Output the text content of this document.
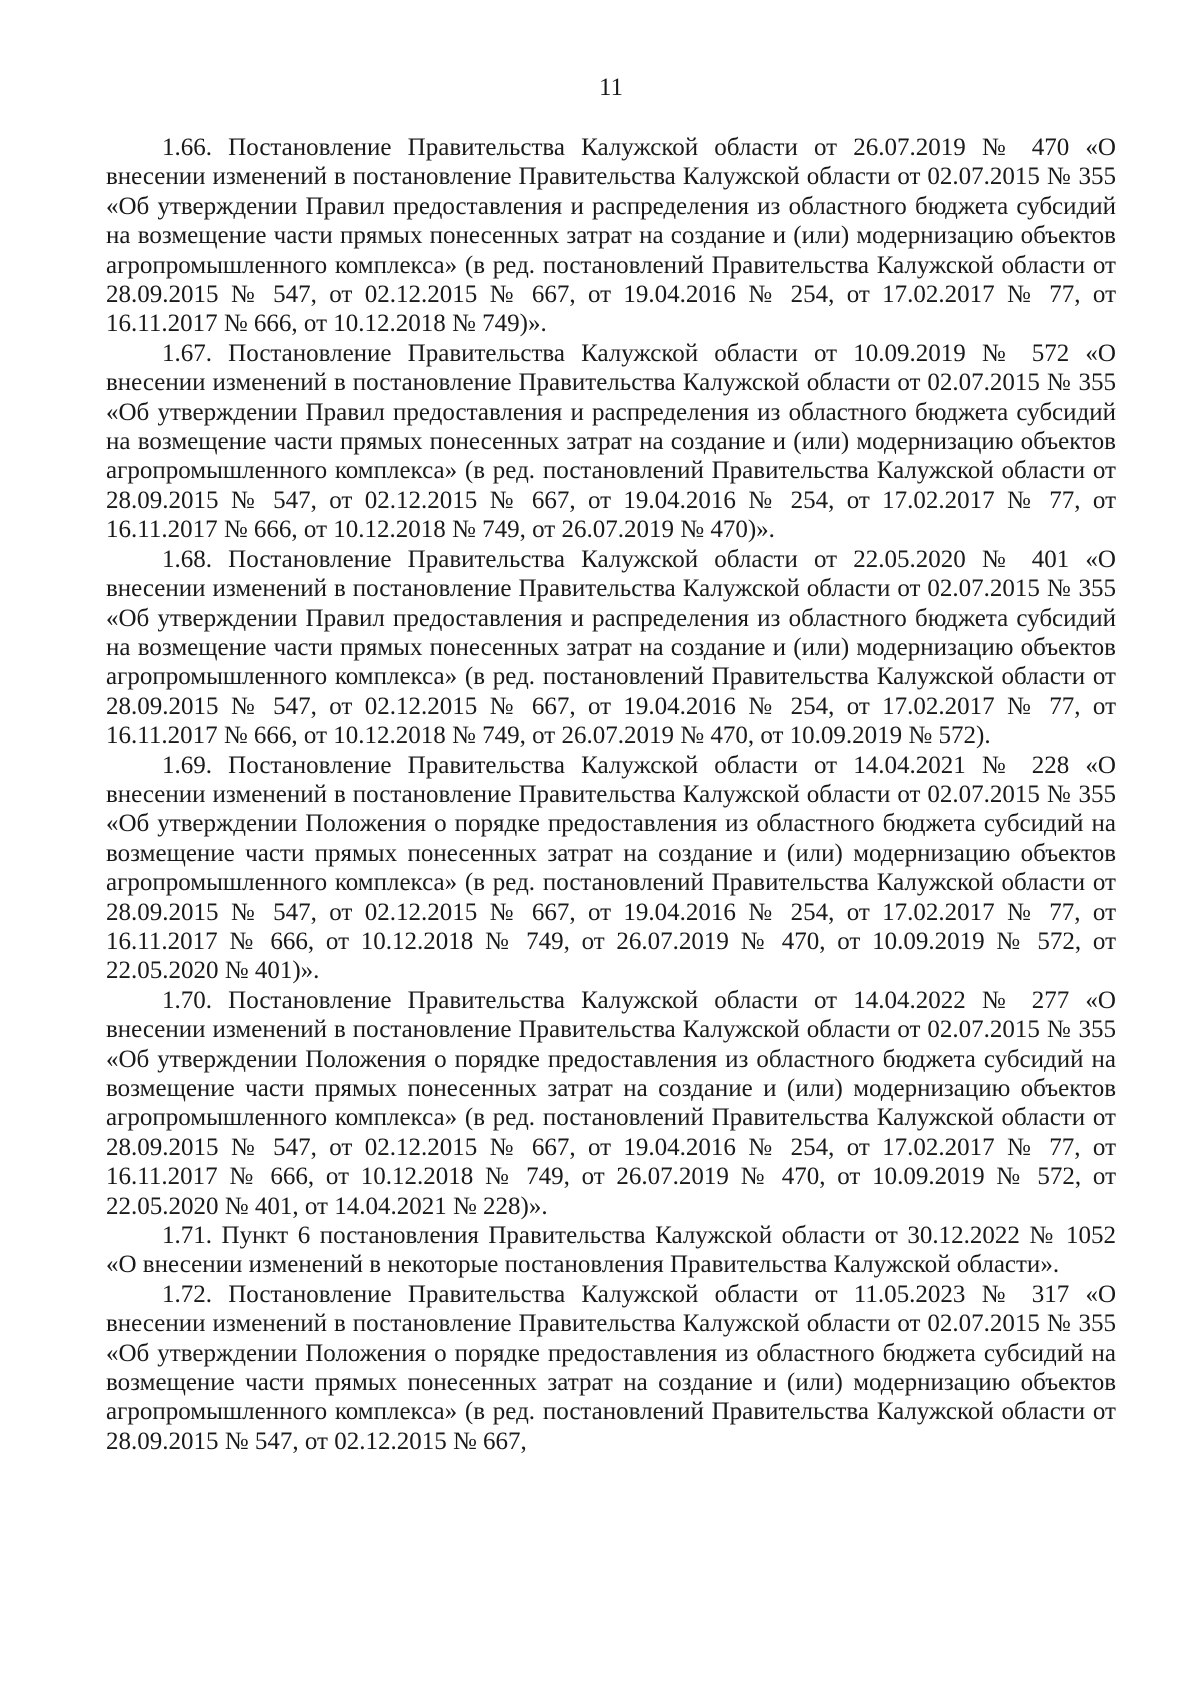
11

1.66. Постановление Правительства Калужской области от 26.07.2019 № 470 «О внесении изменений в постановление Правительства Калужской области от 02.07.2015 № 355 «Об утверждении Правил предоставления и распределения из областного бюджета субсидий на возмещение части прямых понесенных затрат на создание и (или) модернизацию объектов агропромышленного комплекса» (в ред. постановлений Правительства Калужской области от 28.09.2015 № 547, от 02.12.2015 № 667, от 19.04.2016 № 254, от 17.02.2017 № 77, от 16.11.2017 № 666, от 10.12.2018 № 749)».

1.67. Постановление Правительства Калужской области от 10.09.2019 № 572 «О внесении изменений в постановление Правительства Калужской области от 02.07.2015 № 355 «Об утверждении Правил предоставления и распределения из областного бюджета субсидий на возмещение части прямых понесенных затрат на создание и (или) модернизацию объектов агропромышленного комплекса» (в ред. постановлений Правительства Калужской области от 28.09.2015 № 547, от 02.12.2015 № 667, от 19.04.2016 № 254, от 17.02.2017 № 77, от 16.11.2017 № 666, от 10.12.2018 № 749, от 26.07.2019 № 470)».

1.68. Постановление Правительства Калужской области от 22.05.2020 № 401 «О внесении изменений в постановление Правительства Калужской области от 02.07.2015 № 355 «Об утверждении Правил предоставления и распределения из областного бюджета субсидий на возмещение части прямых понесенных затрат на создание и (или) модернизацию объектов агропромышленного комплекса» (в ред. постановлений Правительства Калужской области от 28.09.2015 № 547, от 02.12.2015 № 667, от 19.04.2016 № 254, от 17.02.2017 № 77, от 16.11.2017 № 666, от 10.12.2018 № 749, от 26.07.2019 № 470, от 10.09.2019 № 572).

1.69. Постановление Правительства Калужской области от 14.04.2021 № 228 «О внесении изменений в постановление Правительства Калужской области от 02.07.2015 № 355 «Об утверждении Положения о порядке предоставления из областного бюджета субсидий на возмещение части прямых понесенных затрат на создание и (или) модернизацию объектов агропромышленного комплекса» (в ред. постановлений Правительства Калужской области от 28.09.2015 № 547, от 02.12.2015 № 667, от 19.04.2016 № 254, от 17.02.2017 № 77, от 16.11.2017 № 666, от 10.12.2018 № 749, от 26.07.2019 № 470, от 10.09.2019 № 572, от 22.05.2020 № 401)».

1.70. Постановление Правительства Калужской области от 14.04.2022 № 277 «О внесении изменений в постановление Правительства Калужской области от 02.07.2015 № 355 «Об утверждении Положения о порядке предоставления из областного бюджета субсидий на возмещение части прямых понесенных затрат на создание и (или) модернизацию объектов агропромышленного комплекса» (в ред. постановлений Правительства Калужской области от 28.09.2015 № 547, от 02.12.2015 № 667, от 19.04.2016 № 254, от 17.02.2017 № 77, от 16.11.2017 № 666, от 10.12.2018 № 749, от 26.07.2019 № 470, от 10.09.2019 № 572, от 22.05.2020 № 401, от 14.04.2021 № 228)».

1.71. Пункт 6 постановления Правительства Калужской области от 30.12.2022 № 1052 «О внесении изменений в некоторые постановления Правительства Калужской области».

1.72. Постановление Правительства Калужской области от 11.05.2023 № 317 «О внесении изменений в постановление Правительства Калужской области от 02.07.2015 № 355 «Об утверждении Положения о порядке предоставления из областного бюджета субсидий на возмещение части прямых понесенных затрат на создание и (или) модернизацию объектов агропромышленного комплекса» (в ред. постановлений Правительства Калужской области от 28.09.2015 № 547, от 02.12.2015 № 667,
